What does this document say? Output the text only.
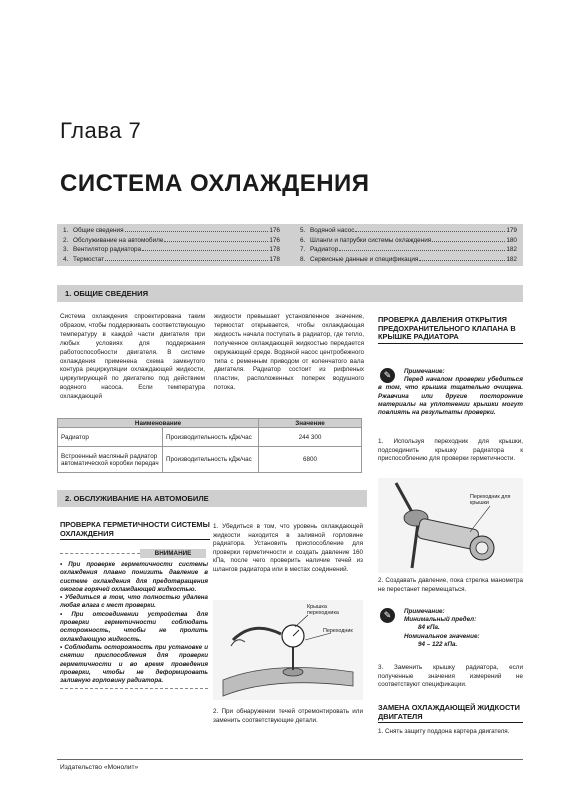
Глава 7
СИСТЕМА ОХЛАЖДЕНИЯ
1. Общие сведения	176
2. Обслуживание на автомобиле	176
3. Вентилятор радиатора	178
4. Термостат	178
5. Водяной насос	179
6. Шланги и патрубки системы охлаждения	180
7. Радиатор	182
8. Сервисные данные и спецификация	182
1. ОБЩИЕ СВЕДЕНИЯ
Система охлаждения спроектирована таким образом, чтобы поддерживать соответствующую температуру в каждой части двигателя при любых условиях для поддержания работоспособности двигателя. В системе охлаждения применена схема замкнутого контура рециркуляции охлаждающей жидкости, циркулирующей по двигателю под действием водяного насоса. Если температура охлаждающей
жидкости превышает установленное значение, термостат открывается, чтобы охлаждающая жидкость начала поступать в радиатор, где тепло, полученное охлаждающей жидкостью передается окружающей среде. Водяной насос центробежного типа с ременным приводом от коленчатого вала двигателя. Радиатор состоит из рифленых пластин, расположенных поперек водушного потока.
Наименование		Значение
Радиатор	Производительность кДж/час	244 300
Встроенный масляный радиатор автоматической коробки передач	Производительность кДж/час	6800
2. ОБСЛУЖИВАНИЕ НА АВТОМОБИЛЕ
ПРОВЕРКА ГЕРМЕТИЧНОСТИ СИСТЕМЫ ОХЛАЖДЕНИЯ
ВНИМАНИЕ

• При проверке герметичности системы охлаждения плавно понизить давление в системе охлаждения для предотвращения ожогов горячей охлаждающей жидкостью.

• Убедиться в том, что полностью удалена любая влага с мест проверки.

• При отсоединении устройства для проверки герметичности соблюдать осторожность, чтобы не пролить охлаждающую жидкость.

• Соблюдать осторожность при установке и снятии приспособления для проверки герметичности и во время проведения проверки, чтобы не деформировать заливную горловину радиатора.

1. Убедиться в том, что уровень охлаждающей жидкости находится в заливной горловине радиатора. Установить приспособление для проверки герметичности и создать давление 160 кПа, после чего проверить наличие течей из шлангов радиатора или в местах соединений.
Крышка переходника
Переходник
2. При обнаружении течей отремонтировать или заменить соответствующие детали.
ПРОВЕРКА ДАВЛЕНИЯ ОТКРЫТИЯ ПРЕДОХРАНИТЕЛЬНОГО КЛАПАНА В КРЫШКЕ РАДИАТОРА
✎	Примечание:
Перед началом проверки убедиться в том, что крышка тщательно очищена. Ржавчина или другие посторонние материалы на уплотнении крышки могут повлиять на результаты проверки.
1. Используя переходник для крышки, подсоединить крышку радиатора к приспособлению для проверки герметичности.
Переходник для крышки
2. Создавать давление, пока стрелка манометра не перестанет перемещаться.
✎	Примечание:
Минимальный предел:
84 кПа.
Номинальное значение:
94 – 122 кПа.
3. Заменить крышку радиатора, если полученные значения измерений не соответствуют спецификации.
ЗАМЕНА ОХЛАЖДАЮЩЕЙ ЖИДКОСТИ ДВИГАТЕЛЯ
1. Снять защиту поддона картера двигателя.
Издательство «Монолит»
